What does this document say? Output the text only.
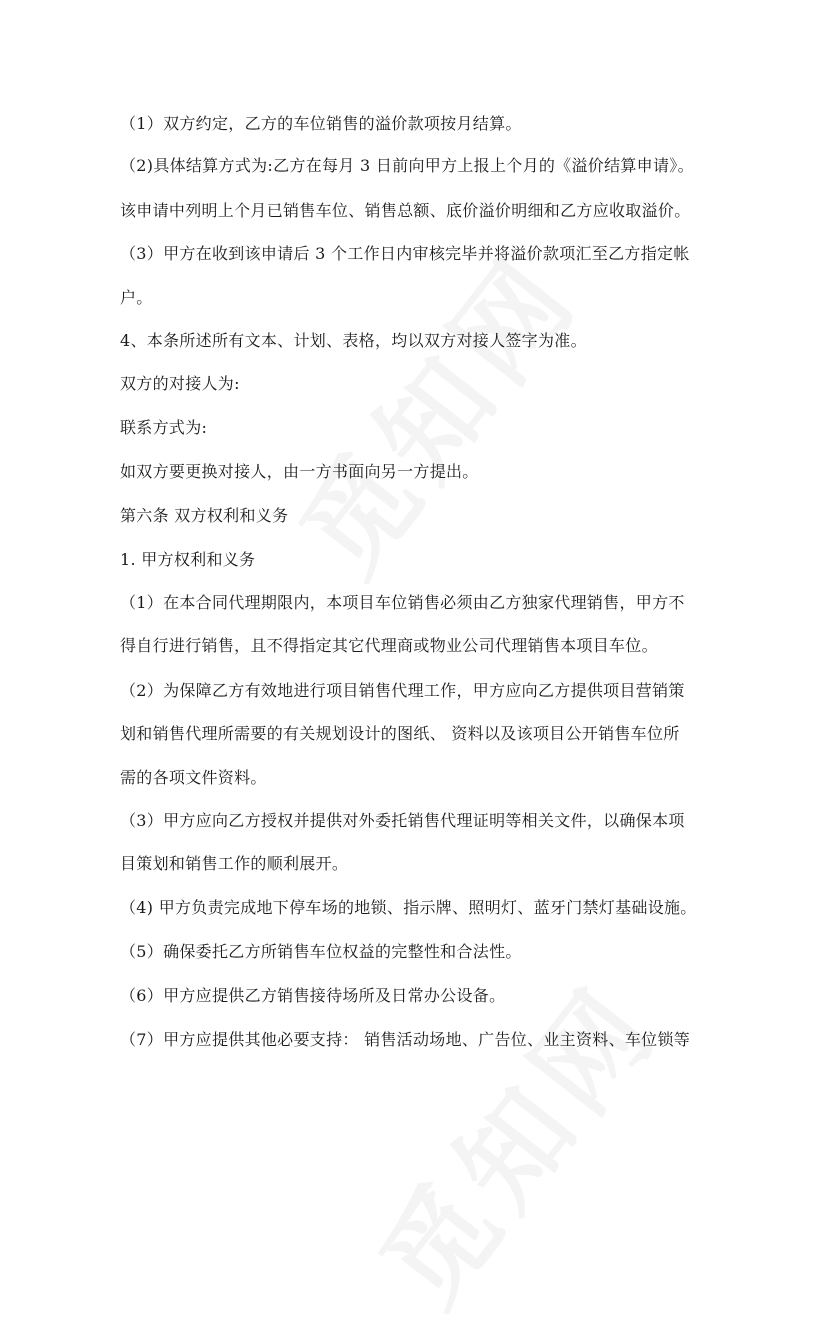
（1）双方约定，乙方的车位销售的溢价款项按月结算。
（2)具体结算方式为:乙方在每月 3 日前向甲方上报上个月的《溢价结算申请》。
该申请中列明上个月已销售车位、销售总额、底价溢价明细和乙方应收取溢价。
（3）甲方在收到该申请后 3 个工作日内审核完毕并将溢价款项汇至乙方指定帐
户。
4、本条所述所有文本、计划、表格，均以双方对接人签字为准。
双方的对接人为:
联系方式为:
如双方要更换对接人，由一方书面向另一方提出。
第六条 双方权利和义务
1. 甲方权利和义务
（1）在本合同代理期限内，本项目车位销售必须由乙方独家代理销售，甲方不
得自行进行销售，且不得指定其它代理商或物业公司代理销售本项目车位。
（2）为保障乙方有效地进行项目销售代理工作，甲方应向乙方提供项目营销策
划和销售代理所需要的有关规划设计的图纸、 资料以及该项目公开销售车位所
需的各项文件资料。
（3）甲方应向乙方授权并提供对外委托销售代理证明等相关文件，以确保本项
目策划和销售工作的顺利展开。
（4) 甲方负责完成地下停车场的地锁、指示牌、照明灯、蓝牙门禁灯基础设施。
（5）确保委托乙方所销售车位权益的完整性和合法性。
（6）甲方应提供乙方销售接待场所及日常办公设备。
（7）甲方应提供其他必要支持： 销售活动场地、广告位、业主资料、车位锁等
